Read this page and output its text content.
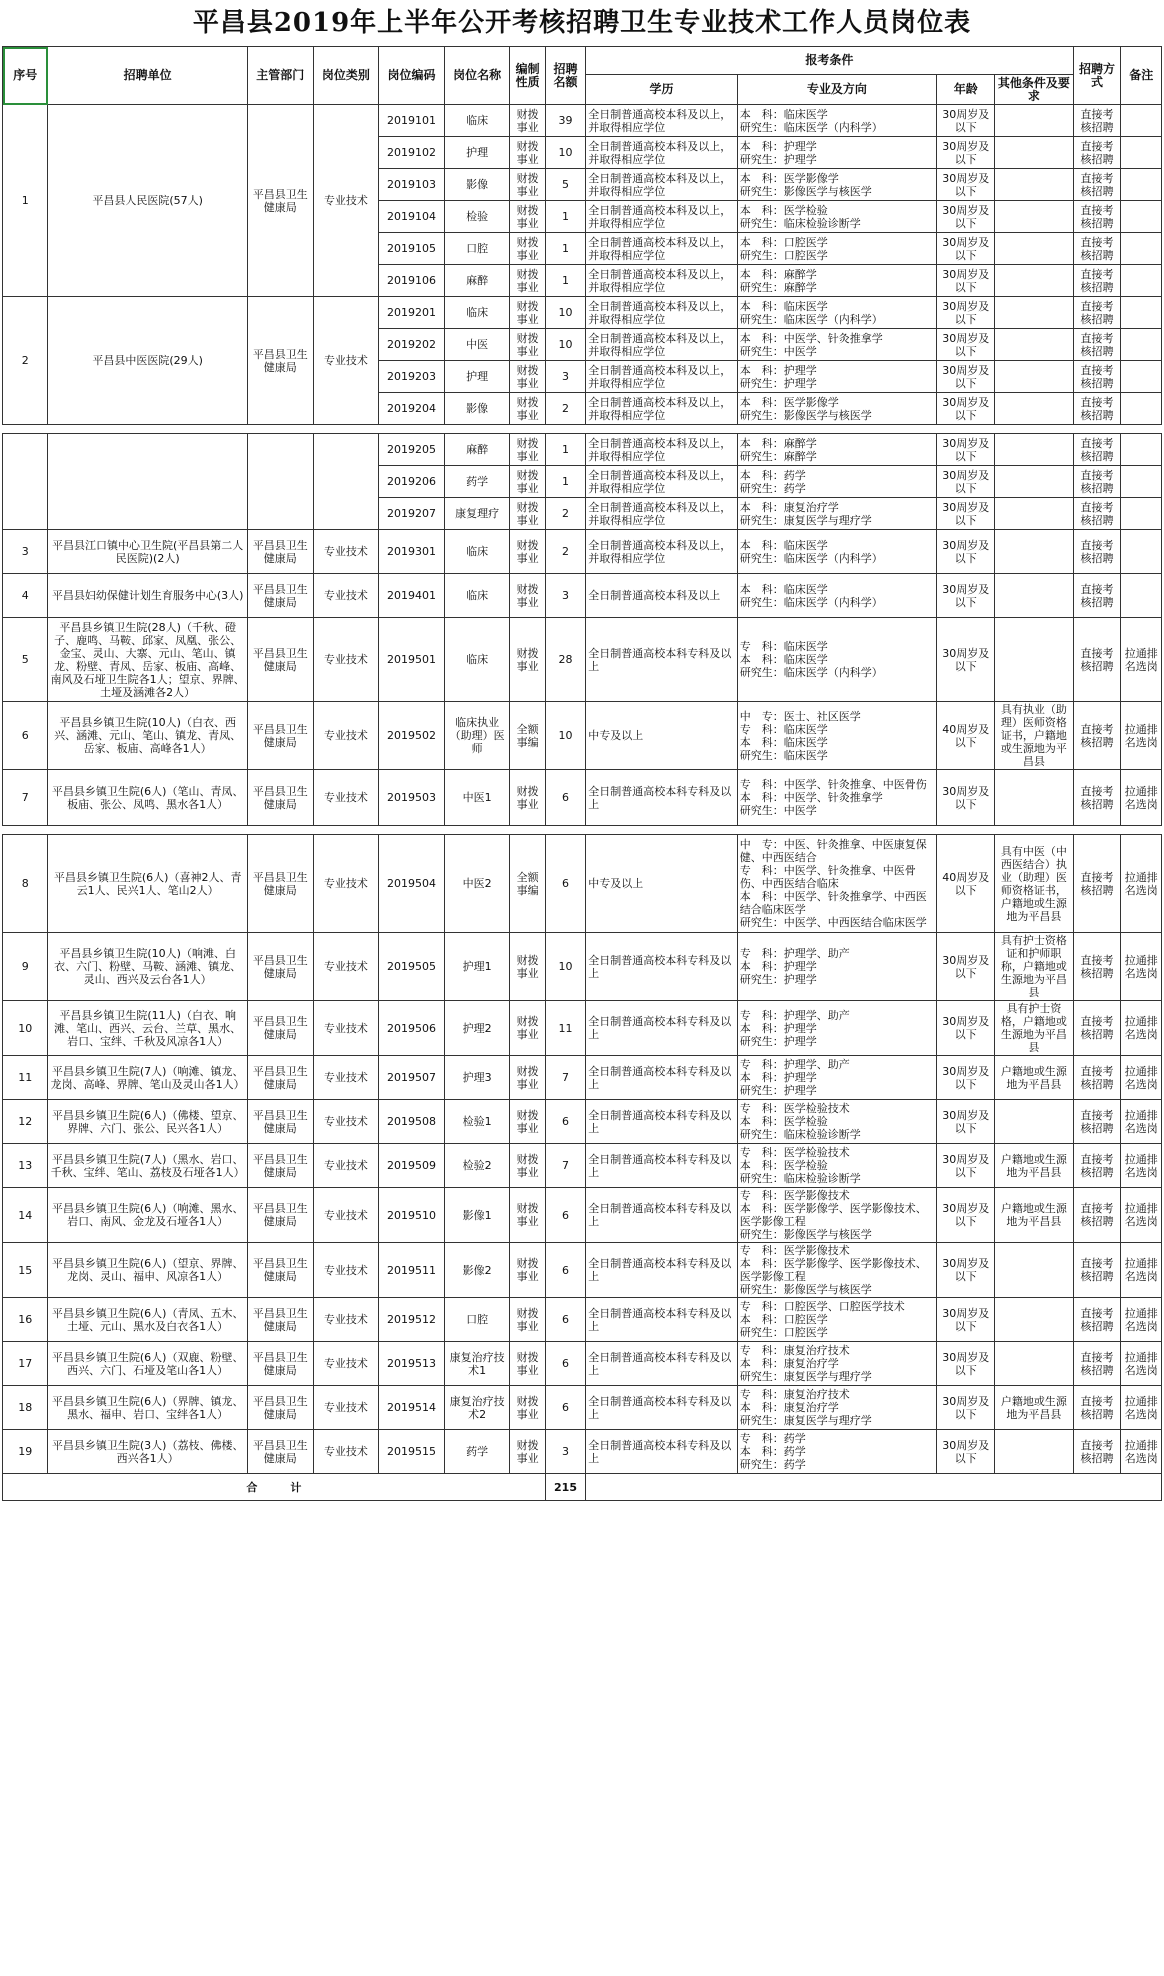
平昌县2019年上半年公开考核招聘卫生专业技术工作人员岗位表
序号	招聘单位	主管部门	岗位类别	岗位编码	岗位名称	编制性质	招聘名额	报考条件				招聘方式	备注
								学历	专业及方向	年龄	其他条件及要求		
1	平昌县人民医院(57人)	平昌县卫生健康局	专业技术	2019101	临床	财拨事业	39	全日制普通高校本科及以上，并取得相应学位	本　科：临床医学
研究生：临床医学（内科学）	30周岁及以下		直接考核招聘	
				2019102	护理	财拨事业	10	全日制普通高校本科及以上，并取得相应学位	本　科：护理学
研究生：护理学	30周岁及以下		直接考核招聘	
				2019103	影像	财拨事业	5	全日制普通高校本科及以上，并取得相应学位	本　科：医学影像学
研究生：影像医学与核医学	30周岁及以下		直接考核招聘	
				2019104	检验	财拨事业	1	全日制普通高校本科及以上，并取得相应学位	本　科：医学检验
研究生：临床检验诊断学	30周岁及以下		直接考核招聘	
				2019105	口腔	财拨事业	1	全日制普通高校本科及以上，并取得相应学位	本　科：口腔医学
研究生：口腔医学	30周岁及以下		直接考核招聘	
				2019106	麻醉	财拨事业	1	全日制普通高校本科及以上，并取得相应学位	本　科：麻醉学
研究生：麻醉学	30周岁及以下		直接考核招聘	
2	平昌县中医医院(29人)	平昌县卫生健康局	专业技术	2019201	临床	财拨事业	10	全日制普通高校本科及以上，并取得相应学位	本　科：临床医学
研究生：临床医学（内科学）	30周岁及以下		直接考核招聘	
				2019202	中医	财拨事业	10	全日制普通高校本科及以上，并取得相应学位	本　科：中医学、针灸推拿学
研究生：中医学	30周岁及以下		直接考核招聘	
				2019203	护理	财拨事业	3	全日制普通高校本科及以上，并取得相应学位	本　科：护理学
研究生：护理学	30周岁及以下		直接考核招聘	
				2019204	影像	财拨事业	2	全日制普通高校本科及以上，并取得相应学位	本　科：医学影像学
研究生：影像医学与核医学	30周岁及以下		直接考核招聘	

				2019205	麻醉	财拨事业	1	全日制普通高校本科及以上，并取得相应学位	本　科：麻醉学
研究生：麻醉学	30周岁及以下		直接考核招聘	
				2019206	药学	财拨事业	1	全日制普通高校本科及以上，并取得相应学位	本　科：药学
研究生：药学	30周岁及以下		直接考核招聘	
				2019207	康复理疗	财拨事业	2	全日制普通高校本科及以上，并取得相应学位	本　科：康复治疗学
研究生：康复医学与理疗学	30周岁及以下		直接考核招聘	
3	平昌县江口镇中心卫生院(平昌县第二人民医院)(2人)	平昌县卫生健康局	专业技术	2019301	临床	财拨事业	2	全日制普通高校本科及以上，并取得相应学位	本　科：临床医学
研究生：临床医学（内科学）	30周岁及以下		直接考核招聘	
4	平昌县妇幼保健计划生育服务中心(3人)	平昌县卫生健康局	专业技术	2019401	临床	财拨事业	3	全日制普通高校本科及以上	本　科：临床医学
研究生：临床医学（内科学）	30周岁及以下		直接考核招聘	
5	平昌县乡镇卫生院(28人)（千秋、磴子、鹿鸣、马鞍、邱家、凤凰、张公、金宝、灵山、大寨、元山、笔山、镇龙、粉壁、青凤、岳家、板庙、高峰、南风及石垭卫生院各1人；望京、界牌、土垭及涵滩各2人）	平昌县卫生健康局	专业技术	2019501	临床	财拨事业	28	全日制普通高校本科专科及以上	专　科：临床医学
本　科：临床医学
研究生：临床医学（内科学）	30周岁及以下		直接考核招聘	拉通排名选岗
6	平昌县乡镇卫生院(10人)（白衣、西兴、涵滩、元山、笔山、镇龙、青凤、岳家、板庙、高峰各1人）	平昌县卫生健康局	专业技术	2019502	临床执业（助理）医师	全额事编	10	中专及以上	中　专：医士、社区医学
专　科：临床医学
本　科：临床医学
研究生：临床医学	40周岁及以下	具有执业（助理）医师资格证书，户籍地或生源地为平昌县	直接考核招聘	拉通排名选岗
7	平昌县乡镇卫生院(6人)（笔山、青凤、板庙、张公、凤鸣、黑水各1人）	平昌县卫生健康局	专业技术	2019503	中医1	财拨事业	6	全日制普通高校本科专科及以上	专　科：中医学、针灸推拿、中医骨伤
本　科：中医学、针灸推拿学
研究生：中医学	30周岁及以下		直接考核招聘	拉通排名选岗

8	平昌县乡镇卫生院(6人)（喜神2人、青云1人、民兴1人、笔山2人）	平昌县卫生健康局	专业技术	2019504	中医2	全额事编	6	中专及以上	中　专：中医、针灸推拿、中医康复保健、中西医结合
专　科：中医学、针灸推拿、中医骨伤、中西医结合临床
本　科：中医学、针灸推拿学、中西医结合临床医学
研究生：中医学、中西医结合临床医学	40周岁及以下	具有中医（中西医结合）执业（助理）医师资格证书，户籍地或生源地为平昌县	直接考核招聘	拉通排名选岗
9	平昌县乡镇卫生院(10人)（响滩、白衣、六门、粉壁、马鞍、涵滩、镇龙、灵山、西兴及云台各1人）	平昌县卫生健康局	专业技术	2019505	护理1	财拨事业	10	全日制普通高校本科专科及以上	专　科：护理学、助产
本　科：护理学
研究生：护理学	30周岁及以下	具有护士资格证和护师职称，户籍地或生源地为平昌县	直接考核招聘	拉通排名选岗
10	平昌县乡镇卫生院(11人)（白衣、响滩、笔山、西兴、云台、兰草、黑水、岩口、宝绊、千秋及风凉各1人）	平昌县卫生健康局	专业技术	2019506	护理2	财拨事业	11	全日制普通高校本科专科及以上	专　科：护理学、助产
本　科：护理学
研究生：护理学	30周岁及以下	具有护士资格，户籍地或生源地为平昌县	直接考核招聘	拉通排名选岗
11	平昌县乡镇卫生院(7人)（响滩、镇龙、龙岗、高峰、界牌、笔山及灵山各1人）	平昌县卫生健康局	专业技术	2019507	护理3	财拨事业	7	全日制普通高校本科专科及以上	专　科：护理学、助产
本　科：护理学
研究生：护理学	30周岁及以下	户籍地或生源地为平昌县	直接考核招聘	拉通排名选岗
12	平昌县乡镇卫生院(6人)（佛楼、望京、界牌、六门、张公、民兴各1人）	平昌县卫生健康局	专业技术	2019508	检验1	财拨事业	6	全日制普通高校本科专科及以上	专　科：医学检验技术
本　科：医学检验
研究生：临床检验诊断学	30周岁及以下		直接考核招聘	拉通排名选岗
13	平昌县乡镇卫生院(7人)（黑水、岩口、千秋、宝绊、笔山、荔枝及石垭各1人）	平昌县卫生健康局	专业技术	2019509	检验2	财拨事业	7	全日制普通高校本科专科及以上	专　科：医学检验技术
本　科：医学检验
研究生：临床检验诊断学	30周岁及以下	户籍地或生源地为平昌县	直接考核招聘	拉通排名选岗
14	平昌县乡镇卫生院(6人)（响滩、黑水、岩口、南风、金龙及石垭各1人）	平昌县卫生健康局	专业技术	2019510	影像1	财拨事业	6	全日制普通高校本科专科及以上	专　科：医学影像技术
本　科：医学影像学、医学影像技术、医学影像工程
研究生：影像医学与核医学	30周岁及以下	户籍地或生源地为平昌县	直接考核招聘	拉通排名选岗
15	平昌县乡镇卫生院(6人)（望京、界牌、龙岗、灵山、福申、风凉各1人）	平昌县卫生健康局	专业技术	2019511	影像2	财拨事业	6	全日制普通高校本科专科及以上	专　科：医学影像技术
本　科：医学影像学、医学影像技术、医学影像工程
研究生：影像医学与核医学	30周岁及以下		直接考核招聘	拉通排名选岗
16	平昌县乡镇卫生院(6人)（青凤、五木、土垭、元山、黑水及白衣各1人）	平昌县卫生健康局	专业技术	2019512	口腔	财拨事业	6	全日制普通高校本科专科及以上	专　科：口腔医学、口腔医学技术
本　科：口腔医学
研究生：口腔医学	30周岁及以下		直接考核招聘	拉通排名选岗
17	平昌县乡镇卫生院(6人)（双鹿、粉壁、西兴、六门、石垭及笔山各1人）	平昌县卫生健康局	专业技术	2019513	康复治疗技术1	财拨事业	6	全日制普通高校本科专科及以上	专　科：康复治疗技术
本　科：康复治疗学
研究生：康复医学与理疗学	30周岁及以下		直接考核招聘	拉通排名选岗
18	平昌县乡镇卫生院(6人)（界牌、镇龙、黑水、福申、岩口、宝绊各1人）	平昌县卫生健康局	专业技术	2019514	康复治疗技术2	财拨事业	6	全日制普通高校本科专科及以上	专　科：康复治疗技术
本　科：康复治疗学
研究生：康复医学与理疗学	30周岁及以下	户籍地或生源地为平昌县	直接考核招聘	拉通排名选岗
19	平昌县乡镇卫生院(3人)（荔枝、佛楼、西兴各1人）	平昌县卫生健康局	专业技术	2019515	药学	财拨事业	3	全日制普通高校本科专科及以上	专　科：药学
本　科：药学
研究生：药学	30周岁及以下		直接考核招聘	拉通排名选岗
合　　　计							215						
